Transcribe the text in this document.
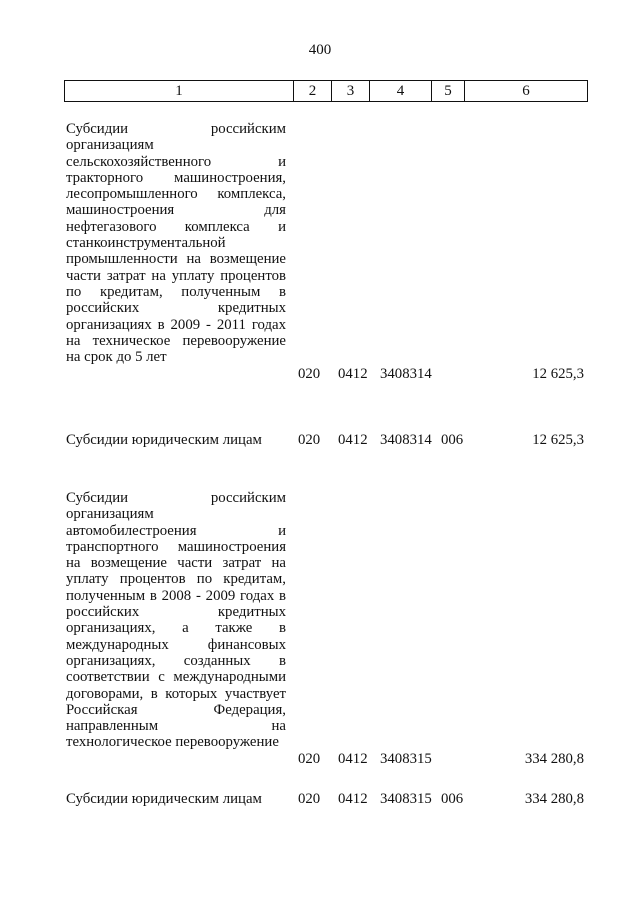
400
1	2	3	4	5	6
Субсидии российским
организациям
сельскохозяйственного и
тракторного машиностроения,
лесопромышленного комплекса,
машиностроения для
нефтегазового комплекса и
станкоинструментальной
промышленности на возмещение
части затрат на уплату процентов
по кредитам, полученным в
российских кредитных
организациях в 2009 - 2011 годах
на техническое перевооружение
на срок до 5 лет
020 0412 3408314	12 625,3
Субсидии юридическим лицам	020 0412 3408314 006	12 625,3
Субсидии российским
организациям
автомобилестроения и
транспортного машиностроения
на возмещение части затрат на
уплату процентов по кредитам,
полученным в 2008 - 2009 годах в
российских кредитных
организациях, а также в
международных финансовых
организациях, созданных в
соответствии с международными
договорами, в которых участвует
Российская Федерация,
направленным на
технологическое перевооружение
020 0412 3408315	334 280,8
Субсидии юридическим лицам	020 0412 3408315 006	334 280,8
